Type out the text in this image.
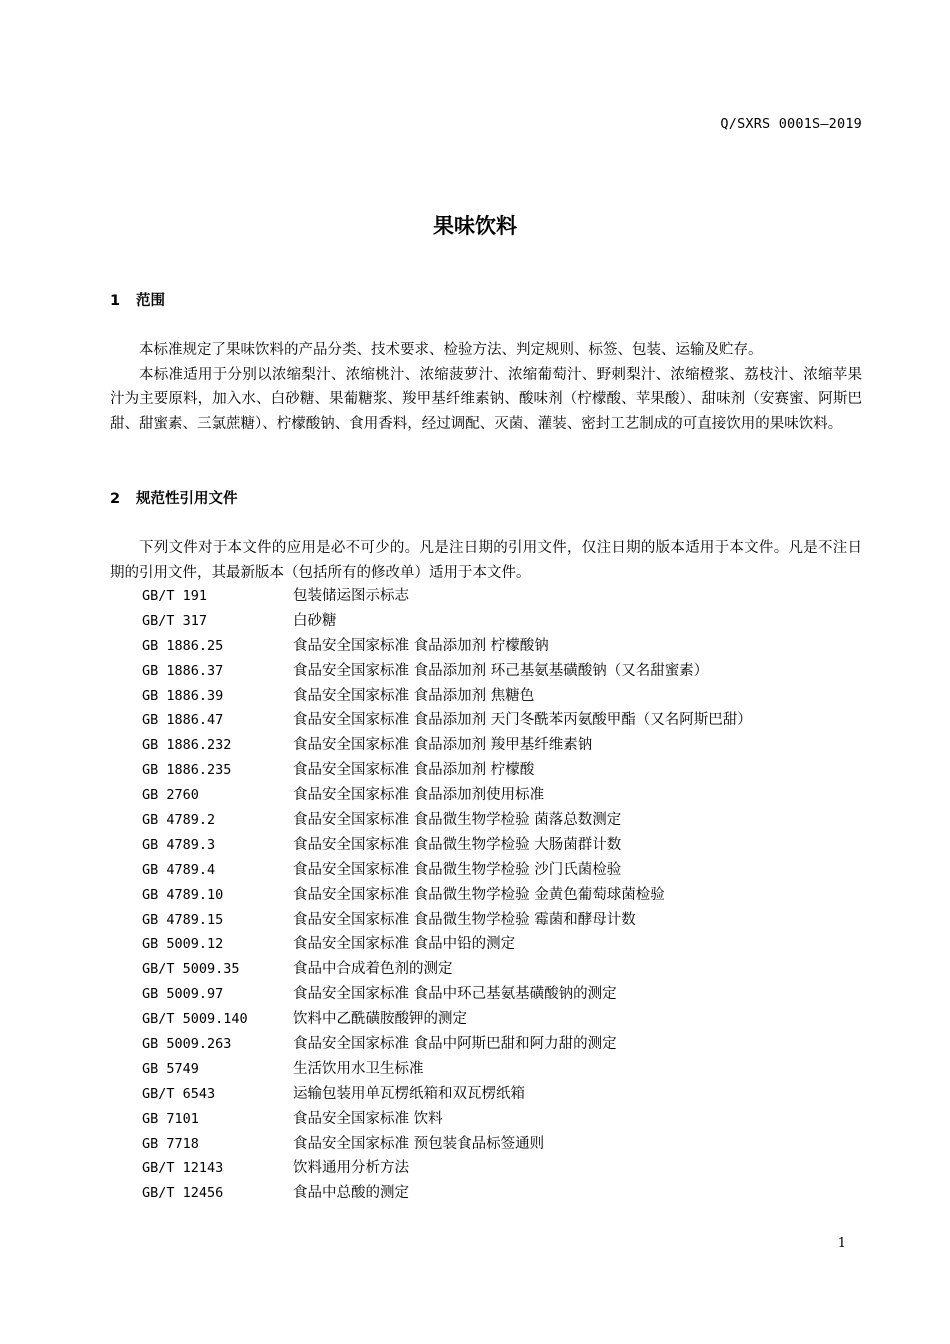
Q/SXRS 0001S—2019
果味饮料
1 范围

本标准规定了果味饮料的产品分类、技术要求、检验方法、判定规则、标签、包装、运输及贮存。

本标准适用于分别以浓缩梨汁、浓缩桃汁、浓缩菠萝汁、浓缩葡萄汁、野刺梨汁、浓缩橙浆、荔枝汁、浓缩苹果汁为主要原料，加入水、白砂糖、果葡糖浆、羧甲基纤维素钠、酸味剂（柠檬酸、苹果酸）、甜味剂（安赛蜜、阿斯巴甜、甜蜜素、三氯蔗糖）、柠檬酸钠、食用香料，经过调配、灭菌、灌装、密封工艺制成的可直接饮用的果味饮料。

2 规范性引用文件

下列文件对于本文件的应用是必不可少的。凡是注日期的引用文件，仅注日期的版本适用于本文件。凡是不注日期的引用文件，其最新版本（包括所有的修改单）适用于本文件。

GB/T 191	包装储运图示标志
GB/T 317	白砂糖
GB 1886.25	食品安全国家标准 食品添加剂 柠檬酸钠
GB 1886.37	食品安全国家标准 食品添加剂 环己基氨基磺酸钠（又名甜蜜素）
GB 1886.39	食品安全国家标准 食品添加剂 焦糖色
GB 1886.47	食品安全国家标准 食品添加剂 天门冬酰苯丙氨酸甲酯（又名阿斯巴甜）
GB 1886.232	食品安全国家标准 食品添加剂 羧甲基纤维素钠
GB 1886.235	食品安全国家标准 食品添加剂 柠檬酸
GB 2760	食品安全国家标准 食品添加剂使用标准
GB 4789.2	食品安全国家标准 食品微生物学检验 菌落总数测定
GB 4789.3	食品安全国家标准 食品微生物学检验 大肠菌群计数
GB 4789.4	食品安全国家标准 食品微生物学检验 沙门氏菌检验
GB 4789.10	食品安全国家标准 食品微生物学检验 金黄色葡萄球菌检验
GB 4789.15	食品安全国家标准 食品微生物学检验 霉菌和酵母计数
GB 5009.12	食品安全国家标准 食品中铅的测定
GB/T 5009.35	食品中合成着色剂的测定
GB 5009.97	食品安全国家标准 食品中环己基氨基磺酸钠的测定
GB/T 5009.140	饮料中乙酰磺胺酸钾的测定
GB 5009.263	食品安全国家标准 食品中阿斯巴甜和阿力甜的测定
GB 5749	生活饮用水卫生标准
GB/T 6543	运输包装用单瓦楞纸箱和双瓦楞纸箱
GB 7101	食品安全国家标准 饮料
GB 7718	食品安全国家标准 预包装食品标签通则
GB/T 12143	饮料通用分析方法
GB/T 12456	食品中总酸的测定
1
